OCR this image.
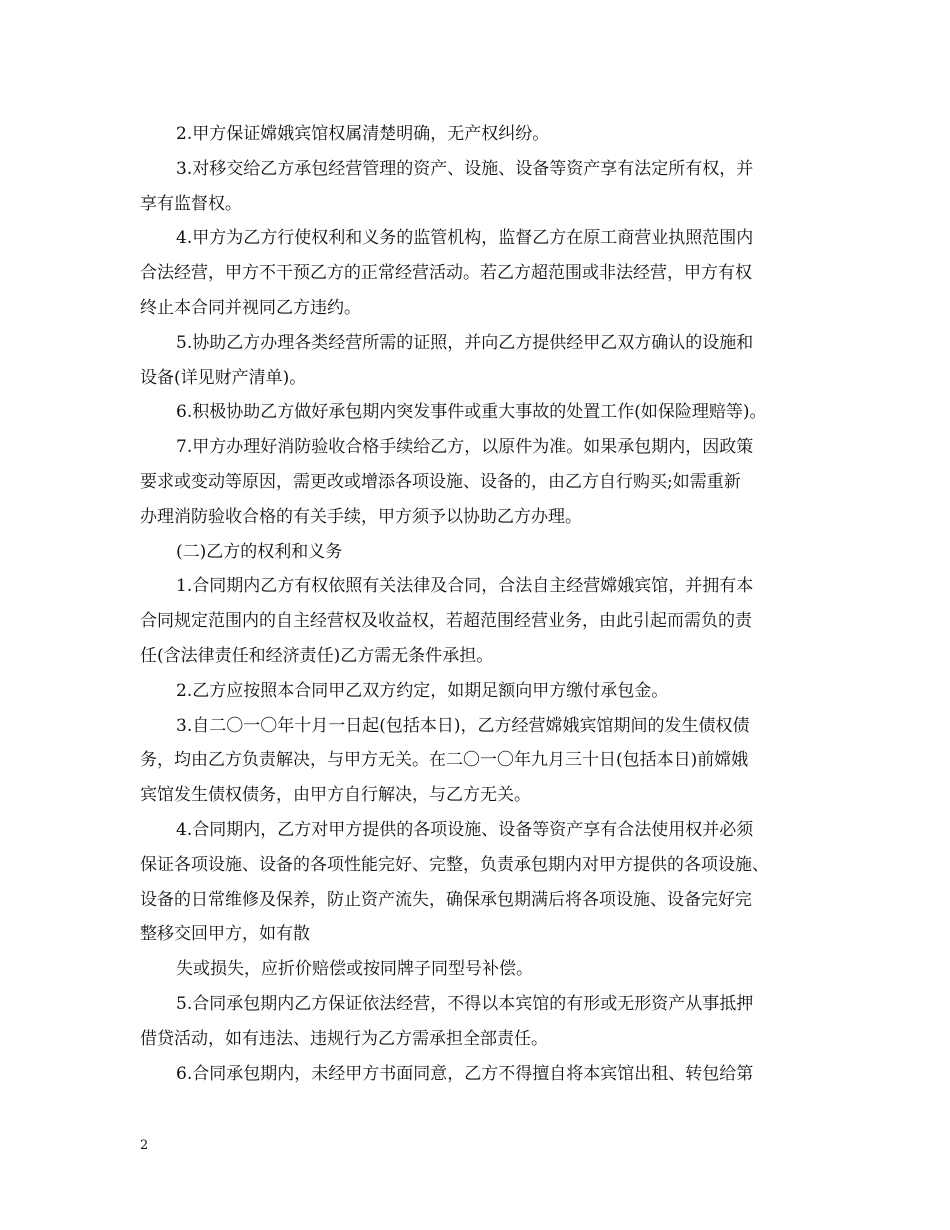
2.甲方保证嫦娥宾馆权属清楚明确，无产权纠纷。
3.对移交给乙方承包经营管理的资产、设施、设备等资产享有法定所有权，并
享有监督权。
4.甲方为乙方行使权利和义务的监管机构，监督乙方在原工商营业执照范围内
合法经营，甲方不干预乙方的正常经营活动。若乙方超范围或非法经营，甲方有权
终止本合同并视同乙方违约。
5.协助乙方办理各类经营所需的证照，并向乙方提供经甲乙双方确认的设施和
设备(详见财产清单)。
6.积极协助乙方做好承包期内突发事件或重大事故的处置工作(如保险理赔等)。
7.甲方办理好消防验收合格手续给乙方，以原件为准。如果承包期内，因政策
要求或变动等原因，需更改或增添各项设施、设备的，由乙方自行购买;如需重新
办理消防验收合格的有关手续，甲方须予以协助乙方办理。
(二)乙方的权利和义务
1.合同期内乙方有权依照有关法律及合同，合法自主经营嫦娥宾馆，并拥有本
合同规定范围内的自主经营权及收益权，若超范围经营业务，由此引起而需负的责
任(含法律责任和经济责任)乙方需无条件承担。
2.乙方应按照本合同甲乙双方约定，如期足额向甲方缴付承包金。
3.自二〇一〇年十月一日起(包括本日)，乙方经营嫦娥宾馆期间的发生债权债
务，均由乙方负责解决，与甲方无关。在二〇一〇年九月三十日(包括本日)前嫦娥
宾馆发生债权债务，由甲方自行解决，与乙方无关。
4.合同期内，乙方对甲方提供的各项设施、设备等资产享有合法使用权并必须
保证各项设施、设备的各项性能完好、完整，负责承包期内对甲方提供的各项设施、
设备的日常维修及保养，防止资产流失，确保承包期满后将各项设施、设备完好完
整移交回甲方，如有散
失或损失，应折价赔偿或按同牌子同型号补偿。
5.合同承包期内乙方保证依法经营，不得以本宾馆的有形或无形资产从事抵押
借贷活动，如有违法、违规行为乙方需承担全部责任。
6.合同承包期内，未经甲方书面同意，乙方不得擅自将本宾馆出租、转包给第
2
